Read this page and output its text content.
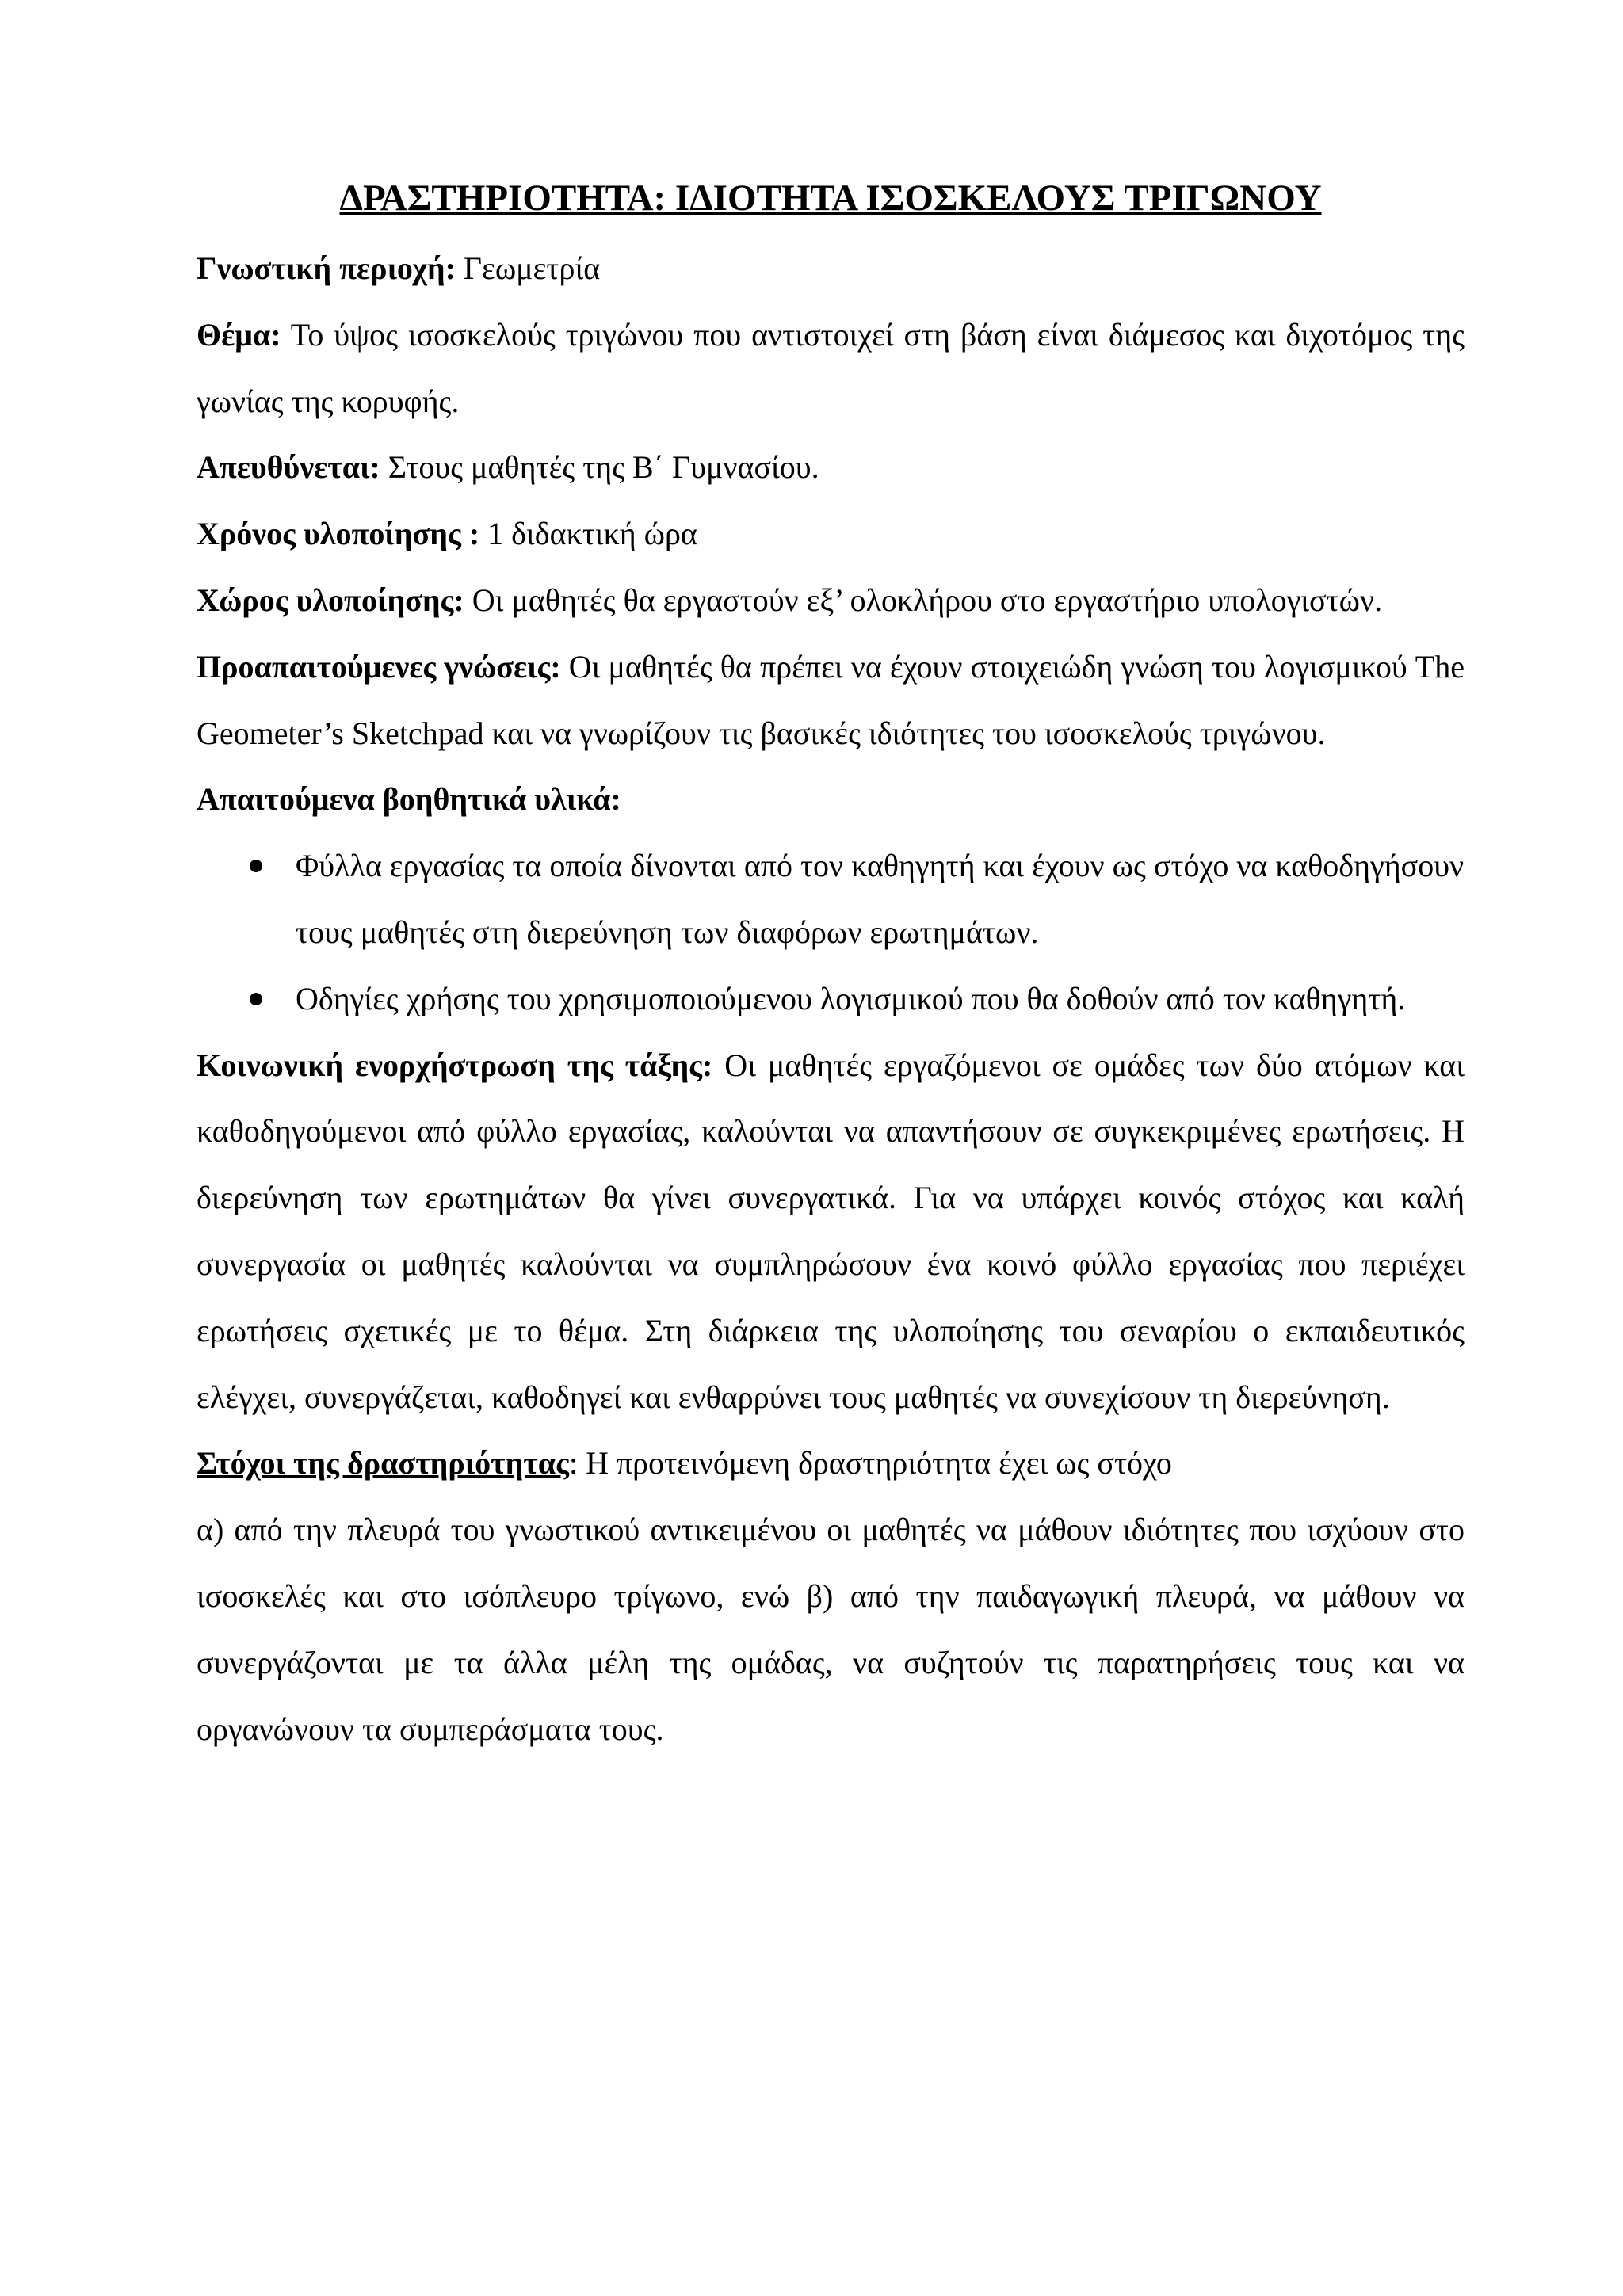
ΔΡΑΣΤΗΡΙΟΤΗΤΑ: ΙΔΙΟΤΗΤΑ ΙΣΟΣΚΕΛΟΥΣ ΤΡΙΓΩΝΟΥ

Γνωστική περιοχή: Γεωμετρία

Θέμα: Το ύψος ισοσκελούς τριγώνου που αντιστοιχεί στη βάση είναι διάμεσος και διχοτόμος της γωνίας της κορυφής.

Απευθύνεται: Στους μαθητές της Β΄ Γυμνασίου.

Χρόνος υλοποίησης : 1 διδακτική ώρα

Χώρος υλοποίησης: Οι μαθητές θα εργαστούν εξ’ ολοκλήρου στο εργαστήριο υπολογιστών.

Προαπαιτούμενες γνώσεις: Οι μαθητές θα πρέπει να έχουν στοιχειώδη γνώση του λογισμικού The Geometer’s Sketchpad και να γνωρίζουν τις βασικές ιδιότητες του ισοσκελούς τριγώνου.

Απαιτούμενα βοηθητικά υλικά:

Φύλλα εργασίας τα οποία δίνονται από τον καθηγητή και έχουν ως στόχο να καθοδηγήσουν τους μαθητές στη διερεύνηση των διαφόρων ερωτημάτων.
Οδηγίες χρήσης του χρησιμοποιούμενου λογισμικού που θα δοθούν από τον καθηγητή.

Κοινωνική ενορχήστρωση της τάξης: Οι μαθητές εργαζόμενοι σε ομάδες των δύο ατόμων και καθοδηγούμενοι από φύλλο εργασίας, καλούνται να απαντήσουν σε συγκεκριμένες ερωτήσεις. Η διερεύνηση των ερωτημάτων θα γίνει συνεργατικά. Για να υπάρχει κοινός στόχος και καλή συνεργασία οι μαθητές καλούνται να συμπληρώσουν ένα κοινό φύλλο εργασίας που περιέχει ερωτήσεις σχετικές με το θέμα. Στη διάρκεια της υλοποίησης του σεναρίου ο εκπαιδευτικός ελέγχει, συνεργάζεται, καθοδηγεί και ενθαρρύνει τους μαθητές να συνεχίσουν τη διερεύνηση.

Στόχοι της δραστηριότητας: Η προτεινόμενη δραστηριότητα έχει ως στόχο

α) από την πλευρά του γνωστικού αντικειμένου οι μαθητές να μάθουν ιδιότητες που ισχύουν στο ισοσκελές και στο ισόπλευρο τρίγωνο, ενώ β) από την παιδαγωγική πλευρά, να μάθουν να συνεργάζονται με τα άλλα μέλη της ομάδας, να συζητούν τις παρατηρήσεις τους και να οργανώνουν τα συμπεράσματα τους.
